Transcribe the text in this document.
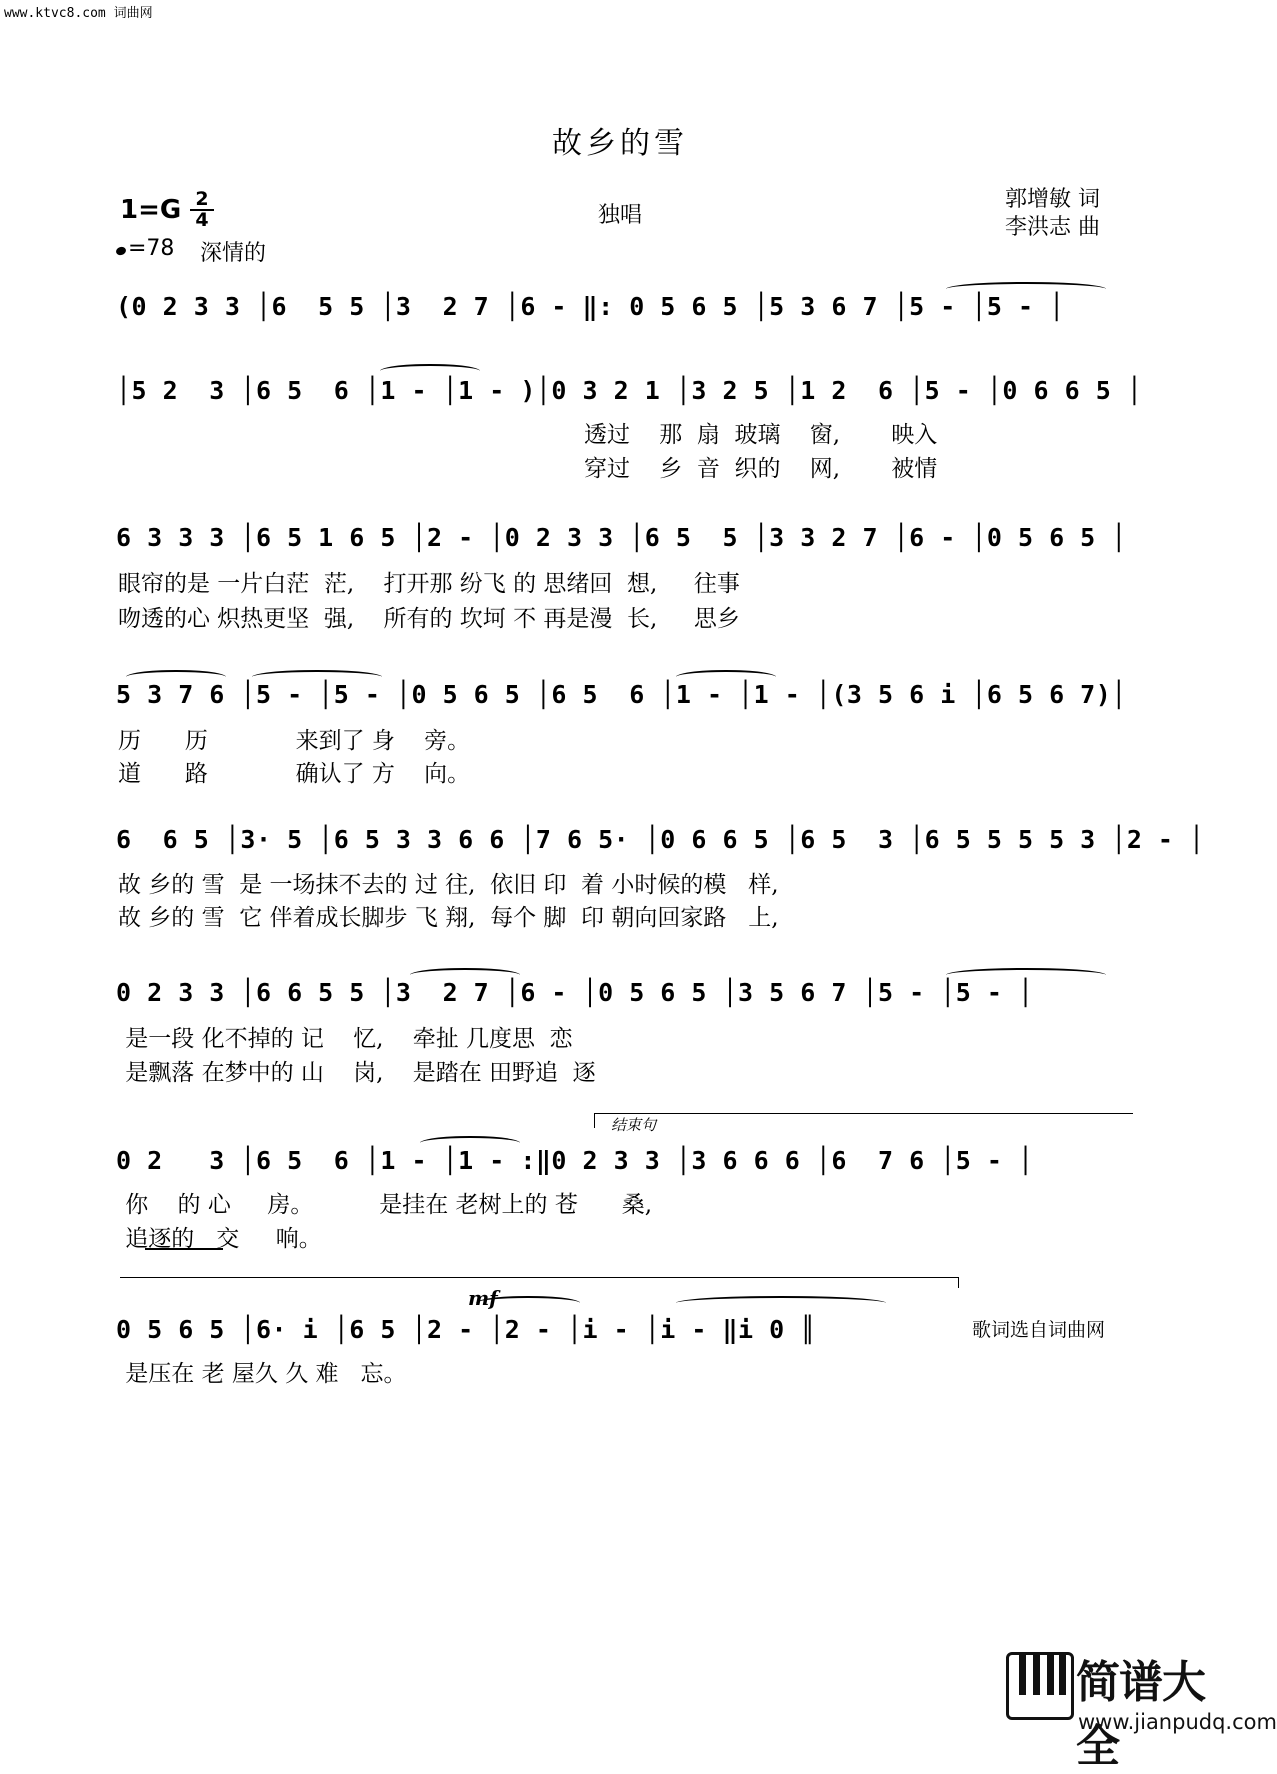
www.ktvc8.com 词曲网
故乡的雪
1=G 2
4
=78 深情的
独唱
郭增敏 词
李洪志 曲
(0 2 3 3 │6  5 5 │3  2 7 │6 - ‖: 0 5 6 5 │5 3 6 7 │5 - │5 - │
│5 2  3 │6 5  6 │1 - │1 - )│0 3 2 1 │3 2 5 │1 2  6 │5 - │0 6 6 5 │
透过    那  扇  玻璃    窗,       映入
穿过    乡  音  织的    网,       被情
6 3 3 3 │6 5 1 6 5 │2 - │0 2 3 3 │6 5  5 │3 3 2 7 │6 - │0 5 6 5 │
眼帘的是 一片白茫  茫,    打开那 纷飞 的 思绪回  想,     往事
吻透的心 炽热更坚  强,    所有的 坎坷 不 再是漫  长,     思乡
5 3 7 6 │5 - │5 - │0 5 6 5 │6 5  6 │1 - │1 - │(3 5 6 i │6 5 6 7)│
历      历            来到了 身    旁。
道      路            确认了 方    向。
6  6 5 │3· 5 │6 5 3 3 6 6 │7 6 5· │0 6 6 5 │6 5  3 │6 5 5 5 5 3 │2 - │
故 乡的 雪  是 一场抹不去的 过 往,  依旧 印  着 小时候的模   样,
故 乡的 雪  它 伴着成长脚步 飞 翔,  每个 脚  印 朝向回家路   上,
0 2 3 3 │6 6 5 5 │3  2 7 │6 - │0 5 6 5 │3 5 6 7 │5 - │5 - │
是一段 化不掉的 记    忆,    牵扯 几度思  恋
是飘落 在梦中的 山    岗,    是踏在 田野追  逐
结束句
0 2   3 │6 5  6 │1 - │1 - :‖0 2 3 3 │3 6 6 6 │6  7 6 │5 - │
你    的 心     房。         是挂在 老树上的 苍      桑,
追逐的   交     响。
mf
0 5 6 5 │6· i │6 5 │2 - │2 - │i - │i - ‖i 0 ║
是压在 老 屋久 久 难   忘。
歌词选自词曲网
简谱大全
www.jianpudq.com
